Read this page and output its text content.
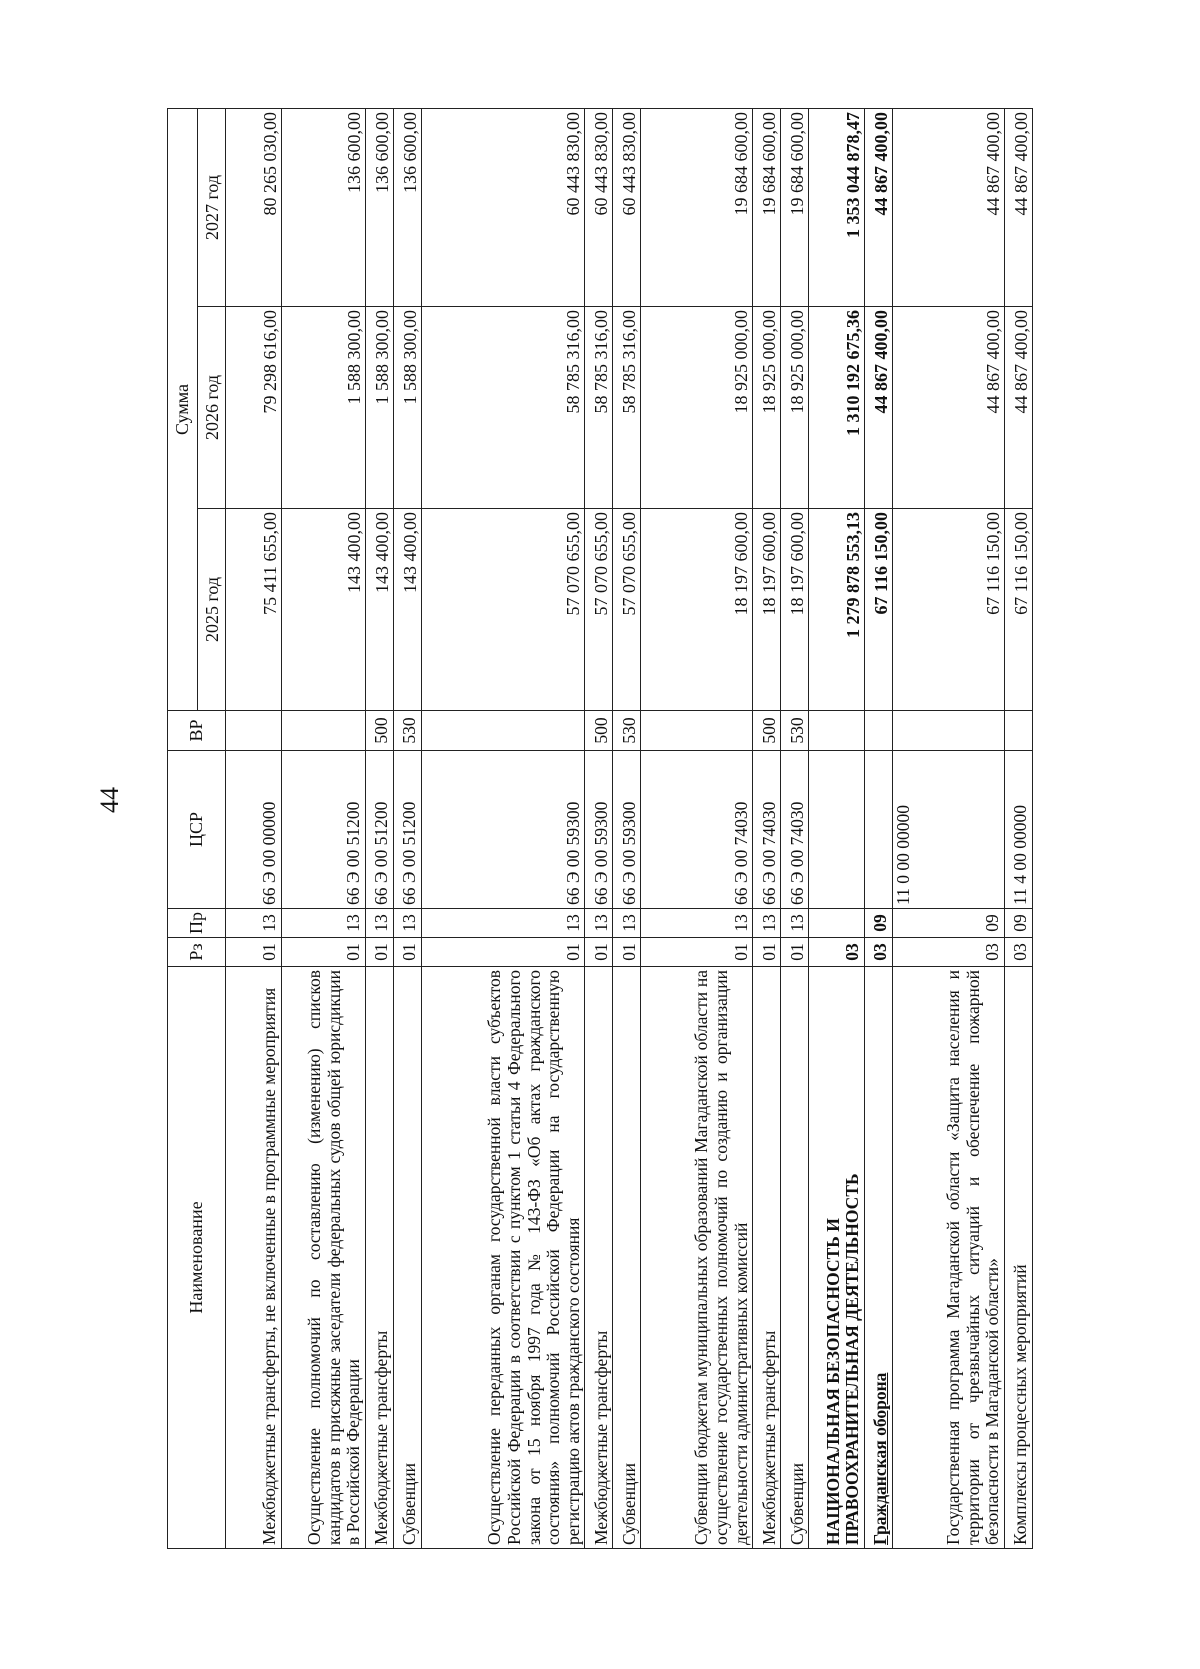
44
Наименование	Рз	Пр	ЦСР	ВР	Сумма		
					2025 год	2026 год	2027 год
Межбюджетные трансферты, не включенные в программные мероприятия	01	13	66 Э 00 00000		75 411 655,00	79 298 616,00	80 265 030,00
Осуществление полномочий по составлению (изменению) списков кандидатов в присяжные заседатели федеральных судов общей юрисдикции в Российской Федерации	01	13	66 Э 00 51200		143 400,00	1 588 300,00	136 600,00
Межбюджетные трансферты	01	13	66 Э 00 51200	500	143 400,00	1 588 300,00	136 600,00
Субвенции	01	13	66 Э 00 51200	530	143 400,00	1 588 300,00	136 600,00
Осуществление переданных органам государственной власти субъектов Российской Федерации в соответствии с пунктом 1 статьи 4 Федерального закона от 15 ноября 1997 года № 143-ФЗ «Об актах гражданского состояния» полномочий Российской Федерации на государственную регистрацию актов гражданского состояния	01	13	66 Э 00 59300		57 070 655,00	58 785 316,00	60 443 830,00
Межбюджетные трансферты	01	13	66 Э 00 59300	500	57 070 655,00	58 785 316,00	60 443 830,00
Субвенции	01	13	66 Э 00 59300	530	57 070 655,00	58 785 316,00	60 443 830,00
Субвенции бюджетам муниципальных образований Магаданской области на осуществление государственных полномочий по созданию и организации деятельности административных комиссий	01	13	66 Э 00 74030		18 197 600,00	18 925 000,00	19 684 600,00
Межбюджетные трансферты	01	13	66 Э 00 74030	500	18 197 600,00	18 925 000,00	19 684 600,00
Субвенции	01	13	66 Э 00 74030	530	18 197 600,00	18 925 000,00	19 684 600,00

НАЦИОНАЛЬНАЯ БЕЗОПАСНОСТЬ И ПРАВООХРАНИТЕЛЬНАЯ ДЕЯТЕЛЬНОСТЬ	03				1 279 878 553,13	1 310 192 675,36	1 353 044 878,47
Гражданская оборона	03	09			67 116 150,00	44 867 400,00	44 867 400,00
Государственная программа Магаданской области «Защита населения и территории от чрезвычайных ситуаций и обеспечение пожарной безопасности в Магаданской области»	03	09	11 0 00 00000		67 116 150,00	44 867 400,00	44 867 400,00
Комплексы процессных мероприятий	03	09	11 4 00 00000		67 116 150,00	44 867 400,00	44 867 400,00
